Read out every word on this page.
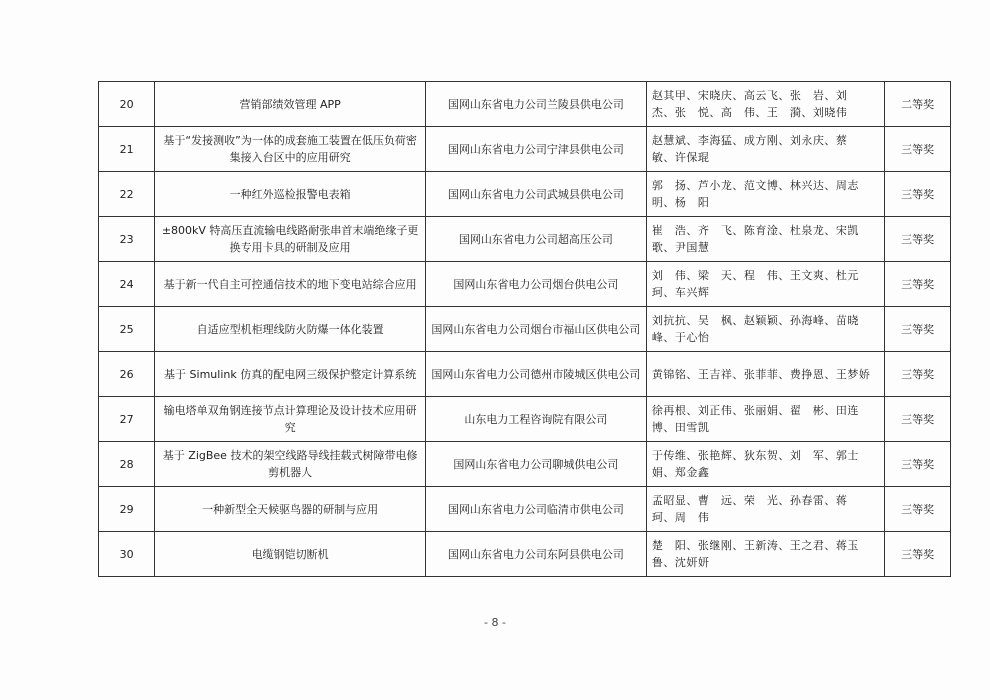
20	营销部绩效管理 APP	国网山东省电力公司兰陵县供电公司	赵其甲、宋晓庆、高云飞、张　岩、刘　杰、张　悦、高　伟、王　漪、刘晓伟	二等奖
21	基于“发接测收”为一体的成套施工装置在低压负荷密集接入台区中的应用研究	国网山东省电力公司宁津县供电公司	赵慧斌、李海猛、成方刚、刘永庆、蔡　敏、许保琨	三等奖
22	一种红外巡检报警电表箱	国网山东省电力公司武城县供电公司	郭　扬、芦小龙、范文博、林兴达、周志明、杨　阳	三等奖
23	±800kV 特高压直流输电线路耐张串首末端绝缘子更换专用卡具的研制及应用	国网山东省电力公司超高压公司	崔　浩、齐　飞、陈育淦、杜泉龙、宋凯歌、尹国慧	三等奖
24	基于新一代自主可控通信技术的地下变电站综合应用	国网山东省电力公司烟台供电公司	刘　伟、梁　天、程　伟、王文爽、杜元珂、车兴辉	三等奖
25	自适应型机柜理线防火防爆一体化装置	国网山东省电力公司烟台市福山区供电公司	刘抗抗、吴　枫、赵颖颖、孙海峰、苗晓峰、于心怡	三等奖
26	基于 Simulink 仿真的配电网三级保护整定计算系统	国网山东省电力公司德州市陵城区供电公司	黄锦铭、王吉祥、张菲菲、费挣恩、王梦娇	三等奖
27	输电塔单双角钢连接节点计算理论及设计技术应用研究	山东电力工程咨询院有限公司	徐再根、刘正伟、张丽娟、翟　彬、田连博、田雪凯	三等奖
28	基于 ZigBee 技术的架空线路导线挂载式树障带电修剪机器人	国网山东省电力公司聊城供电公司	于传维、张艳辉、狄东贺、刘　军、郭士娟、郑金鑫	三等奖
29	一种新型全天候驱鸟器的研制与应用	国网山东省电力公司临清市供电公司	孟昭显、曹　远、荣　光、孙春雷、蒋　珂、周　伟	三等奖
30	电缆钢铠切断机	国网山东省电力公司东阿县供电公司	楚　阳、张继刚、王新涛、王之君、蒋玉鲁、沈妍妍	三等奖
- 8 -
